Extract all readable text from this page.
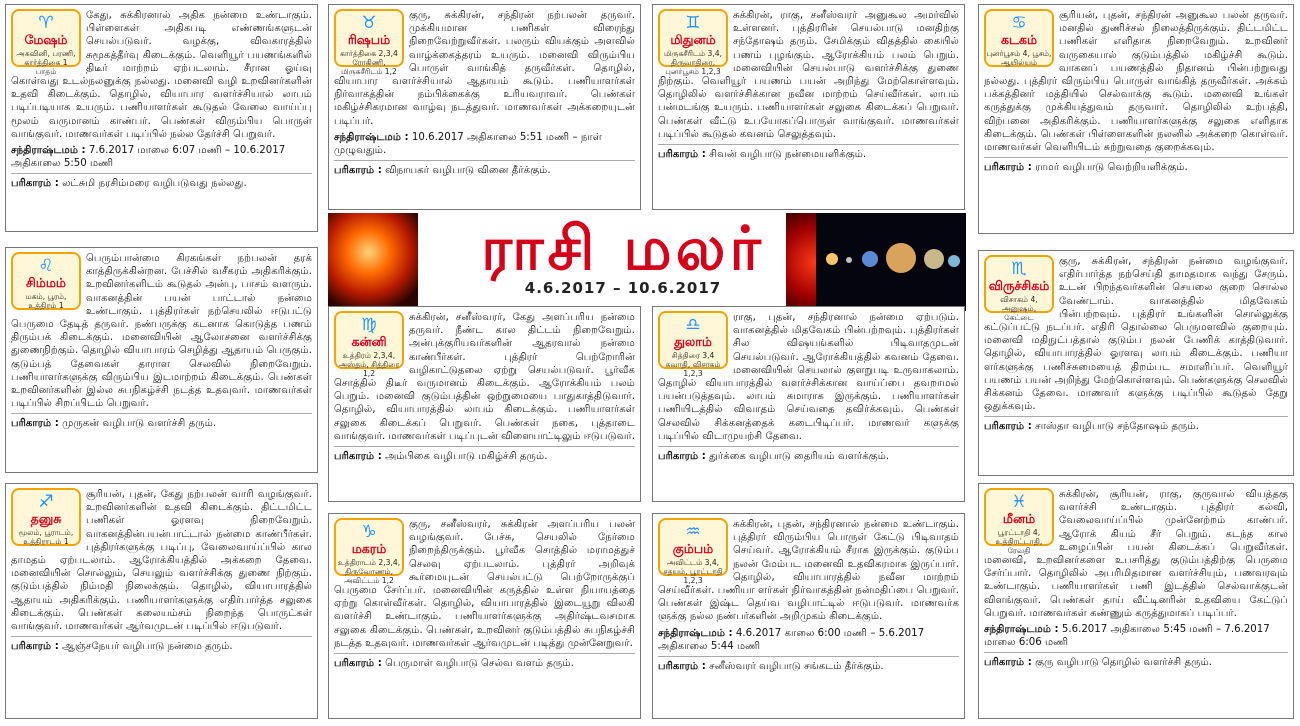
♈
மேஷம்
அசுவினி, பரணி, கார்த்திகை 1 பாதம்
கேது, சுக்கிரனால் அதிக நன்மை உண்டாகும். பிள்ளைகள் அதிகபடி எண்ணங்களுடன் செயல்படுவர். வழக்கு, விவகாரத்தில் சுமூகத்தீர்வு கிடைக்கும். வெளியூர் பயணங்களில் திடீர் மாற்றம் ஏற்படலாம். சீரான ஓய்வு கொள்வது உடல்நலனுக்கு நல்லது. மனைவி வழி உறவினர்களின் உதவி கிடைக்கும். தொழில், வியாபார வளர்ச்சியால் லாபம் படிப்படியாக உயரும். பணியாளர்கள் கூடுதல் வேலை வாய்ப்பு மூலம் வருமானம் காண்பர். பெண்கள் விரும்பிய பொருள் வாங்குவர். மாணவர்கள் படிப்பில் நல்ல தேர்ச்சி பெறுவர்.
சந்திராஷ்டமம் : 7.6.2017 மாலை 6:07 மணி – 10.6.2017 அதிகாலை 5:50 மணி
பரிகாரம் : லட்சுமி நரசிம்மரை வழிபடுவது நல்லது.
♉
ரிஷபம்
கார்த்திகை 2,3,4 ரோகிணி, மிருகசீரிடம் 1,2
குரு, சுக்கிரன், சந்திரன் நற்பலன் தருவர். முக்கியமான பணிகள் விரைந்து நிறைவேற்றுவீர்கள். பலரும் வியக்கும் அளவில் வாழ்க்கைத்தரம் உயரும். மனைவி விரும்பிய பொருள் வாங்கித் தருவீர்கள். தொழில், வியாபார வளர்ச்சியால் ஆதாயம் கூடும். பணியாளர்கள் நிர்வாகத்தின் நம்பிக்கைக்கு உரியவராவர். பெண்கள் மகிழ்ச்சிகரமான வாழ்வு நடத்துவர். மாணவர்கள் அக்கறையுடன் படிப்பர்.
சந்திராஷ்டமம் : 10.6.2017 அதிகாலை 5:51 மணி – நாள் முழுவதும்.
பரிகாரம் : விநாயகர் வழிபாடு வினை தீர்க்கும்.
♊
மிதுனம்
மிருகசீரிடம் 3,4, திருவாதிரை, புனர்பூசம் 1,2,3
சுக்கிரன், ராகு, சனீஸ்வரர் அனுகூல அமர்வில் உள்ளனர். புத்திரரின் செயல்பாடு மனதிற்கு சந்தோஷம் தரும். சேமிக்கும் விதத்தில் கையில் பணம் புழங்கும். ஆரோக்கியம் பலம் பெறும். மனைவியின் செயல்பாடு வளர்ச்சிக்கு துணை நிற்கும். வெளியூர் பயணம் பயன் அறிந்து மேற்கொள்ளவும். தொழிலில் வளர்ச்சிக்கான நவீன மாற்றம் செய்வீர்கள். லாபம் பன்மடங்கு உயரும். பணியாளர்கள் சலுகை கிடைக்கப் பெறுவர். பெண்கள் வீட்டு உபயோகப்பொருள் வாங்குவர். மாணவர்கள் படிப்பில் கூடுதல் கவனம் செலுத்தவும்.
பரிகாரம் : சிவன் வழிபாடு நன்மையளிக்கும்.
♋
கடகம்
புனர்பூசம் 4, பூசம், ஆயில்யம்
சூரியன், புதன், சந்திரன் அனுகூல பலன் தருவர். மனதில் துணிச்சல் நிலைத்திருக்கும். திட்டமிட்ட பணிகள் எளிதாக நிறைவேறும். உறவினர் வருகையால் குடும்பத்தில் மகிழ்ச்சி கூடும். வாகனப் பயணத்தில் நிதானம் பின்பற்றுவது நல்லது. புத்திரர் விரும்பிய பொருள் வாங்கித் தருவீர்கள். அக்கம் பக்கத்தினர் மத்தியில் செல்வாக்கு கூடும். மனைவி உங்கள் கருத்துக்கு முக்கியத்துவம் தருவார். தொழிலில் உற்பத்தி, விற்பனை அதிகரிக்கும். பணியாளர்களுக்கு சலுகை எளிதாக கிடைக்கும். பெண்கள் பிள்ளைகளின் நலனில் அக்கறை கொள்வர். மாணவர்கள் வெளியிடம் சுற்றுவதை குறைக்கவும்.
பரிகாரம் : ராமர் வழிபாடு வெற்றியளிக்கும்.
ராசி மலர்
4.6.2017 – 10.6.2017
♌
சிம்மம்
மகம், பூரம், உத்திரம் 1
பெரும்பான்மை கிரகங்கள் நற்பலன் தரக் காத்திருக்கின்றன. பேச்சில் வசீகரம் அதிகரிக்கும். உறவினர்களிடம் கூடுதல் அன்பு, பாசம் வளரும். வாகனத்தின் பயன் பாட்டால் நன்மை உண்டாகும். புத்திரர்கள் நற்செயலில் ஈடுபட்டு பெருமை தேடித் தருவர். நண்பருக்கு கடனாக கொடுத்த பணம் திரும்பக் கிடைக்கும். மனைவியின் ஆலோசனை வளர்ச்சிக்கு துணைநிற்கும். தொழில் வியாபாரம் செழித்து ஆதாயம் பெருகும். குடும்பத் தேவைகள் தாராள செலவில் நிறைவேறும். பணியாளர்களுக்கு விரும்பிய இடமாற்றம் கிடைக்கும். பெண்கள் உறவினர்களின் இல்ல சுபநிகழ்ச்சி நடத்த உதவுவர். மாணவர்கள் படிப்பில் சிறப்பிடம் பெறுவர்.
பரிகாரம் : முருகன் வழிபாடு வளர்ச்சி தரும்.
♍
கன்னி
உத்திரம் 2,3,4, அஸ்தம், சித்திரை 1,2
சுக்கிரன், சனீஸ்வரர், கேது அளப்பரிய நன்மை தருவர். நீண்ட கால திட்டம் நிறைவேறும். அன்புக்குரியவர்களின் ஆதரவால் நன்மை காண்பீர்கள். புத்திரர் பெற்றோரின் வழிகாட்டுதலை ஏற்று செயல்படுவர். பூர்வீக சொத்தில் திடீர் வருமானம் கிடைக்கும். ஆரோக்கியம் பலம் பெறும். மனைவி குடும்பத்தின் ஒற்றுமையை பாதுகாத்திடுவார். தொழில், வியாபாரத்தில் லாபம் கிடைக்கும். பணியாளர்கள் சலுகை கிடைக்கப் பெறுவர். பெண்கள் நகை, புத்தாடை வாங்குவர். மாணவர்கள் படிப்புடன் விளையாட்டிலும் ஈடுபடுவர்.
பரிகாரம் : அம்பிகை வழிபாடு மகிழ்ச்சி தரும்.
♎
துலாம்
சித்திரை 3,4 சுவாதி, விசாகம் 1,2,3
ராகு, புதன், சந்திரனால் நன்மை ஏற்படும். வாகனத்தில் மிதவேகம் பின்பற்றவும். புத்திரர்கள் சில விஷயங்களில் பிடிவாதமுடன் செயல்படுவர். ஆரோக்கியத்தில் கவனம் தேவை. மனைவியின் செயலால் குளறுபடி உருவாகலாம். தொழில் வியாபாரத்தில் வளர்ச்சிக்கான வாய்ப்பை தவறாமல் பயன்படுத்தவும். லாபம் சுமாராக இருக்கும். பணியாளர்கள் பணியிடத்தில் விவாதம் செய்வதை தவிர்க்கவும். பெண்கள் செலவில் சிக்கனத்தைக் கடைபிடிப்பர். மாணவர் களுக்கு படிப்பில் விடாமுயற்சி தேவை.
பரிகாரம் : துர்க்கை வழிபாடு தைரியம் வளர்க்கும்.
♏
விருச்சிகம்
விசாகம் 4, அனுஷம், கேட்டை
குரு, சுக்கிரன், சந்திரன் நன்மை வழங்குவர். எதிர்பார்த்த நற்செய்தி தாமதமாக வந்து சேரும். உடன் பிறந்தவர்களின் செயலை குறை சொல்ல வேண்டாம். வாகனத்தில் மிதவேகம் பின்பற்றவும். புத்திரர் உங்களின் சொல்லுக்கு கட்டுப்பட்டு நடப்பர். எதிரி தொல்லை பெருமளவில் குறையும். மனைவி மதிநுட்பத்தால் குடும்ப நலன் பேணிக் காத்திடுவார். தொழில், வியாபாரத்தில் ஓரளவு லாபம் கிடைக்கும். பணியா ளர்களுக்கு பணிச்சுமையைத் திறம்பட சமாளிப்பர். வெளியூர் பயணம் பயன் அறிந்து மேற்கொள்ளவும். பெண்களுக்கு செலவில் சிக்கனம் தேவை. மாணவர் களுக்கு படிப்பில் கூடுதல் தேறு ஒதுக்கவும்.
பரிகாரம் : சாஸ்தா வழிபாடு சந்தோஷம் தரும்.
♐
தனுசு
மூலம், பூராடம், உத்திராடம் 1
சூரியன், புதன், கேது நற்பலன் வாரி வழங்குவர். உறவினர்களின் உதவி கிடைக்கும். திட்டமிட்ட பணிகள் ஓரளவு நிறைவேறும். வாகனத்தின்பயன்பாட்டால் நன்மை காண்பீர்கள். புத்திரர்களுக்கு படிப்பு, வேலைவாய்ப்பில் கால தாமதம் ஏற்படலாம். ஆரோக்கியத்தில் அக்கறை தேவை. மனைவியின் சொல்லும், செயலும் வளர்ச்சிக்கு துணை நிற்கும். குடும்பத்தில் நிம்மதி நிலைக்கும். தொழில், வியாபாரத்தில் ஆதாயம் அதிகரிக்கும். பணியாளர்களுக்கு எதிர்பார்த்த சலுகை கிடைக்கும். பெண்கள் கலையம்சம் நிறைந்த பொருட்கள் வாங்குவர். மாணவர்கள் ஆர்வமுடன் படிப்பில் ஈடுபடுவர்.
பரிகாரம் : ஆஞ்சநேயர் வழிபாடு நன்மை தரும்.
♑
மகரம்
உத்திராடம் 2,3,4, திருவோணம், அவிட்டம் 1,2
குரு, சனீஸ்வரர், சுக்கிரன் அளப்பரிய பலன் வழங்குவர். பேச்சு, செயலில் நேர்மை நிறைந்திருக்கும். பூர்வீக சொத்தில் மராமத்துச் செலவு ஏற்படலாம். புத்திரர் அறிவுக் கூர்மையுடன் செயல்பட்டு பெற்றோருக்குப் பெருமை சேர்ப்பர். மனைவியின் கருத்தில் உள்ள நியாயத்தை ஏற்று கொள்வீர்கள். தொழில், வியாபாரத்தில் இடையூறு விலகி வளர்ச்சி உண்டாகும். பணியாளர்களுக்கு அதிர்ஷ்டவசமாக சலுகை கிடைக்கும். பெண்கள், உறவினர் குடும்பத்தில் சுபநிகழ்ச்சி நடத்த உதவுவர். மாணவர்கள் ஆர்வமுடன் படித்து முன்னேறுவர்.
பரிகாரம் : பெருமாள் வழிபாடு செல்வ வளம் தரும்.
♒
கும்பம்
அவிட்டம் 3,4, சதயம், பூரட்டாதி 1,2,3
சுக்கிரன், புதன், சந்திரனால் நன்மை உண்டாகும். புத்திரர் விரும்பிய பொருள் கேட்டு பிடிவாதம் செய்வர். ஆரோக்கியம் சீராக இருக்கும். குடும்ப நலன் மேம்பட மனைவி உதவிகரமாக இருப்பார். தொழில், வியாபாரத்தில் நவீன மாற்றம் செய்வீர்கள். பணியா ளர்கள் நிர்வாகத்தின் நன்மதிப்பை பெறுவர். பெண்கள் இஷ்ட தெய்வ வழிபாட்டில் ஈடுபடுவர். மாணவர்க ளுக்கு நல்ல நண்பர்களின் அறிமுகம் கிடைக்கும்.
சந்திராஷ்டமம் : 4.6.2017 காலை 6:00 மணி – 5.6.2017 அதிகாலை 5:44 மணி
பரிகாரம் : சனீஸ்வரர் வழிபாடு சங்கடம் தீர்க்கும்.
♓
மீனம்
பூரட்டாதி 4, உத்திரட்டாதி, ரேவதி
சுக்கிரன், சூரியன், ராகு, குருவால் வியத்தகு வளர்ச்சி உண்டாகும். புத்திரர் கல்வி, வேலைவாய்ப்பில் முன்னேற்றம் காண்பர். ஆரோக் கியம் சீர் பெறும். கடந்த கால உழைப்பின் பயன் கிடைக்கப் பெறுவீர்கள். மனைவி, உறவினர்களை உபசரித்து குடும்பத்திற்கு பெருமை சேர்ப்பார். தொழிலில் அபரிமிதமான வளர்ச்சியும், பணவரவும் உண்டாகும். பணியாளர்கள் பணி இடத்தில் செல்வாக்குடன் விளங்குவர். பெண்கள் தாய் வீட்டினரின் உதவியை கேட்டுப் பெறுவர். மாணவர்கள் கண்ணும் கருத்துமாகப் படிப்பர்.
சந்திராஷ்டமம் : 5.6.2017 அதிகாலை 5:45 மணி – 7.6.2017 மாலை 6:06 மணி
பரிகாரம் : குரு வழிபாடு தொழில் வளர்ச்சி தரும்.
